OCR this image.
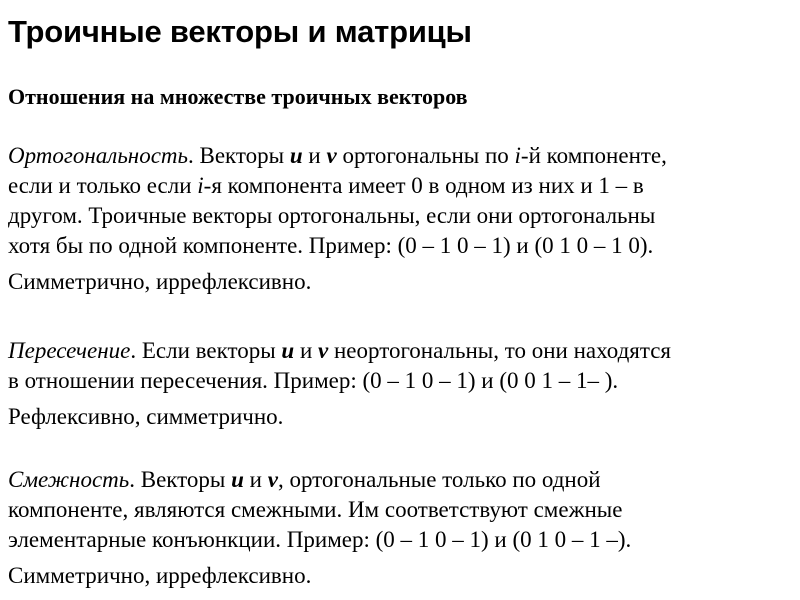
Троичные векторы и матрицы
Отношения на множестве троичных векторов
Ортогональность. Векторы u и v ортогональны по i-й компоненте,
если и только если i-я компонента имеет 0 в одном из них и 1 – в
другом. Троичные векторы ортогональны, если они ортогональны
хотя бы по одной компоненте. Пример: (0 – 1 0 – 1) и (0 1 0 – 1 0).
Симметрично, иррефлексивно.
Пересечение. Если векторы u и v неортогональны, то они находятся
в отношении пересечения. Пример: (0 – 1 0 – 1) и (0 0 1 – 1– ).
Рефлексивно, симметрично.
Смежность. Векторы u и v, ортогональные только по одной
компоненте, являются смежными. Им соответствуют смежные
элементарные конъюнкции. Пример: (0 – 1 0 – 1) и (0 1 0 – 1 –).
Симметрично, иррефлексивно.
